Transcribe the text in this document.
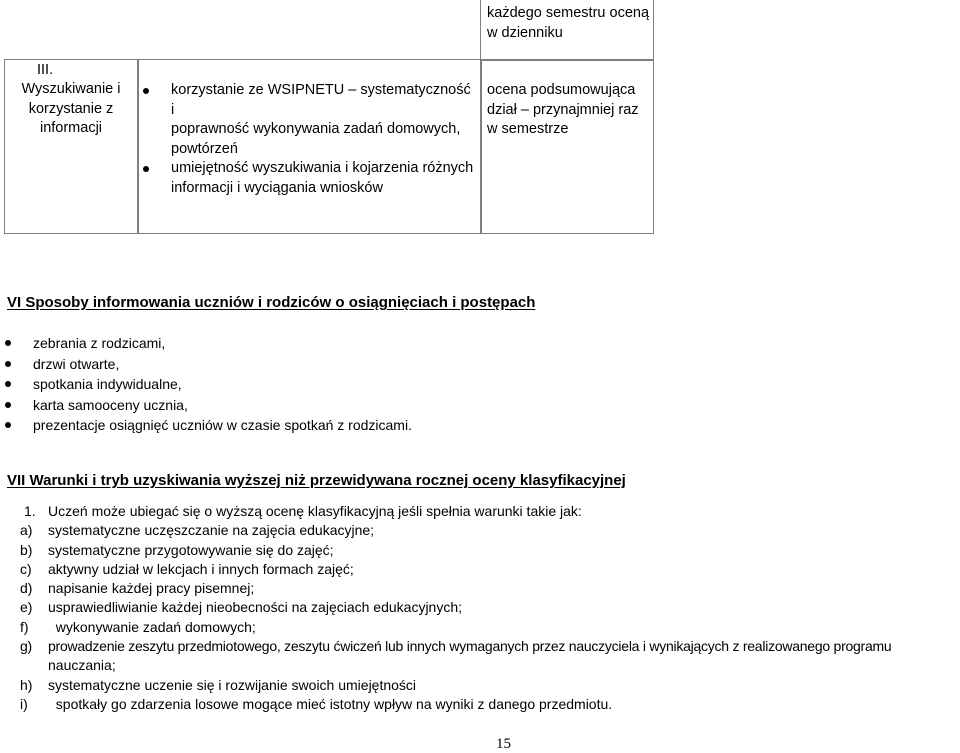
każdego semestru oceną
w dzienniku
III.
Wyszukiwanie i
korzystanie z
informacji
korzystanie ze WSIPNETU – systematyczność i
poprawność wykonywania zadań domowych,
powtórzeń
umiejętność wyszukiwania i kojarzenia różnych
informacji i wyciągania wniosków
ocena podsumowująca
dział – przynajmniej raz
w semestrze
VI Sposoby informowania uczniów i rodziców o osiągnięciach i postępach
zebrania z rodzicami,
drzwi otwarte,
spotkania indywidualne,
karta samooceny ucznia,
prezentacje osiągnięć uczniów w czasie spotkań z rodzicami.
VII Warunki i tryb uzyskiwania wyższej niż przewidywana rocznej oceny klasyfikacyjnej
1. Uczeń może ubiegać się o wyższą ocenę klasyfikacyjną jeśli spełnia warunki takie jak:
a) systematyczne uczęszczanie na zajęcia edukacyjne;
b) systematyczne przygotowywanie się do zajęć;
c) aktywny udział w lekcjach i innych formach zajęć;
d) napisanie każdej pracy pisemnej;
e) usprawiedliwianie każdej nieobecności na zajęciach edukacyjnych;
f)  wykonywanie zadań domowych;
g) prowadzenie zeszytu przedmiotowego, zeszytu ćwiczeń lub innych wymaganych przez nauczyciela i wynikających z realizowanego programu
nauczania;
h) systematyczne uczenie się i rozwijanie swoich umiejętności
i)  spotkały go zdarzenia losowe mogące mieć istotny wpływ na wyniki z danego przedmiotu.
15
